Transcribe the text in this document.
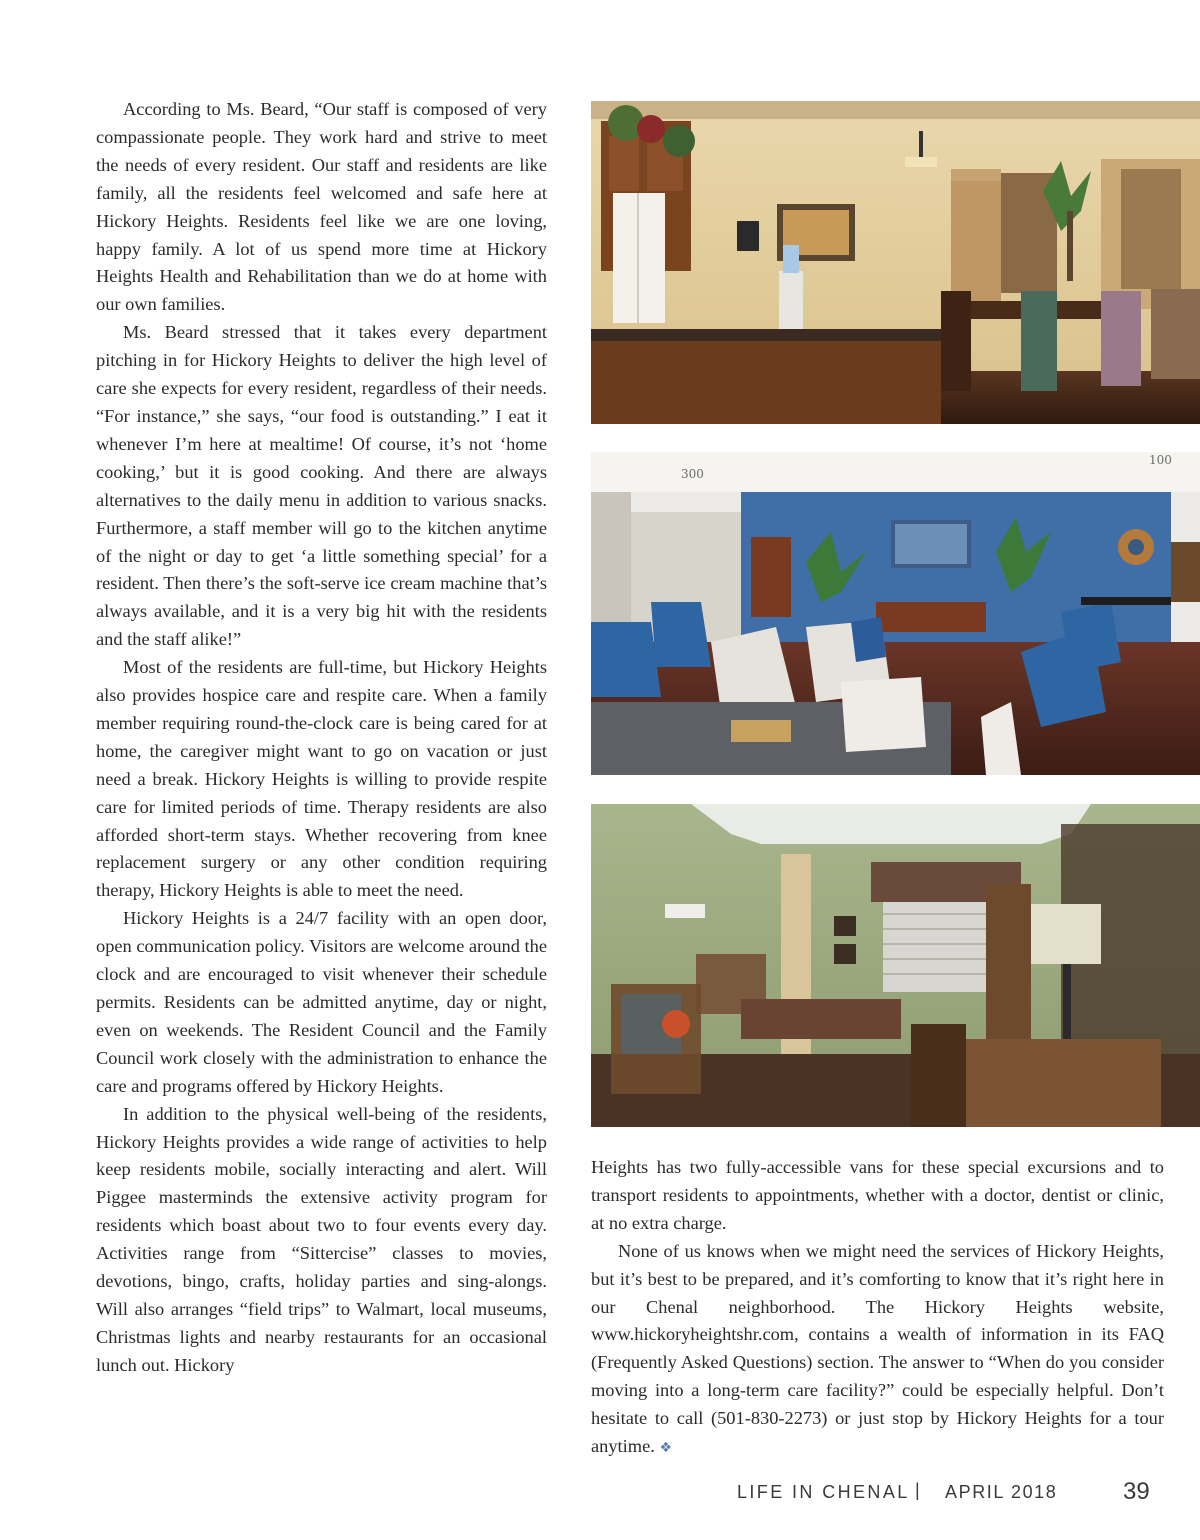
According to Ms. Beard, “Our staff is composed of very compassionate people. They work hard and strive to meet the needs of every resident. Our staff and residents are like family, all the residents feel welcomed and safe here at Hickory Heights. Residents feel like we are one loving, happy family. A lot of us spend more time at Hickory Heights Health and Rehabilitation than we do at home with our own families.

Ms. Beard stressed that it takes every department pitching in for Hickory Heights to deliver the high level of care she expects for every resident, regardless of their needs. “For instance,” she says, “our food is outstanding.” I eat it whenever I’m here at mealtime! Of course, it’s not ‘home cooking,’ but it is good cooking. And there are always alternatives to the daily menu in addition to various snacks. Furthermore, a staff member will go to the kitchen anytime of the night or day to get ‘a little something special’ for a resident. Then there’s the soft-serve ice cream machine that’s always available, and it is a very big hit with the residents and the staff alike!”

Most of the residents are full-time, but Hickory Heights also provides hospice care and respite care. When a family member requiring round-the-clock care is being cared for at home, the caregiver might want to go on vacation or just need a break. Hickory Heights is willing to provide respite care for limited periods of time. Therapy residents are also afforded short-term stays. Whether recovering from knee replacement surgery or any other condition requiring therapy, Hickory Heights is able to meet the need.

Hickory Heights is a 24/7 facility with an open door, open communication policy. Visitors are welcome around the clock and are encouraged to visit whenever their schedule permits. Residents can be admitted anytime, day or night, even on weekends. The Resident Council and the Family Council work closely with the administration to enhance the care and programs offered by Hickory Heights.

In addition to the physical well-being of the residents, Hickory Heights provides a wide range of activities to help keep residents mobile, socially interacting and alert. Will Piggee masterminds the extensive activity program for residents which boast about two to four events every day. Activities range from “Sittercise” classes to movies, devotions, bingo, crafts, holiday parties and sing-alongs. Will also arranges “field trips” to Walmart, local museums, Christmas lights and nearby restaurants for an occasional lunch out. Hickory

300
100

Heights has two fully-accessible vans for these special excursions and to transport residents to appointments, whether with a doctor, dentist or clinic, at no extra charge.

None of us knows when we might need the services of Hickory Heights, but it’s best to be prepared, and it’s comforting to know that it’s right here in our Chenal neighborhood. The Hickory Heights website, www.hickoryheightshr.com, contains a wealth of information in its FAQ (Frequently Asked Questions) section. The answer to “When do you consider moving into a long-term care facility?” could be especially helpful. Don’t hesitate to call (501-830-2273) or just stop by Hickory Heights for a tour anytime. ❖

LIFE IN CHENAL | APRIL 2018	39
